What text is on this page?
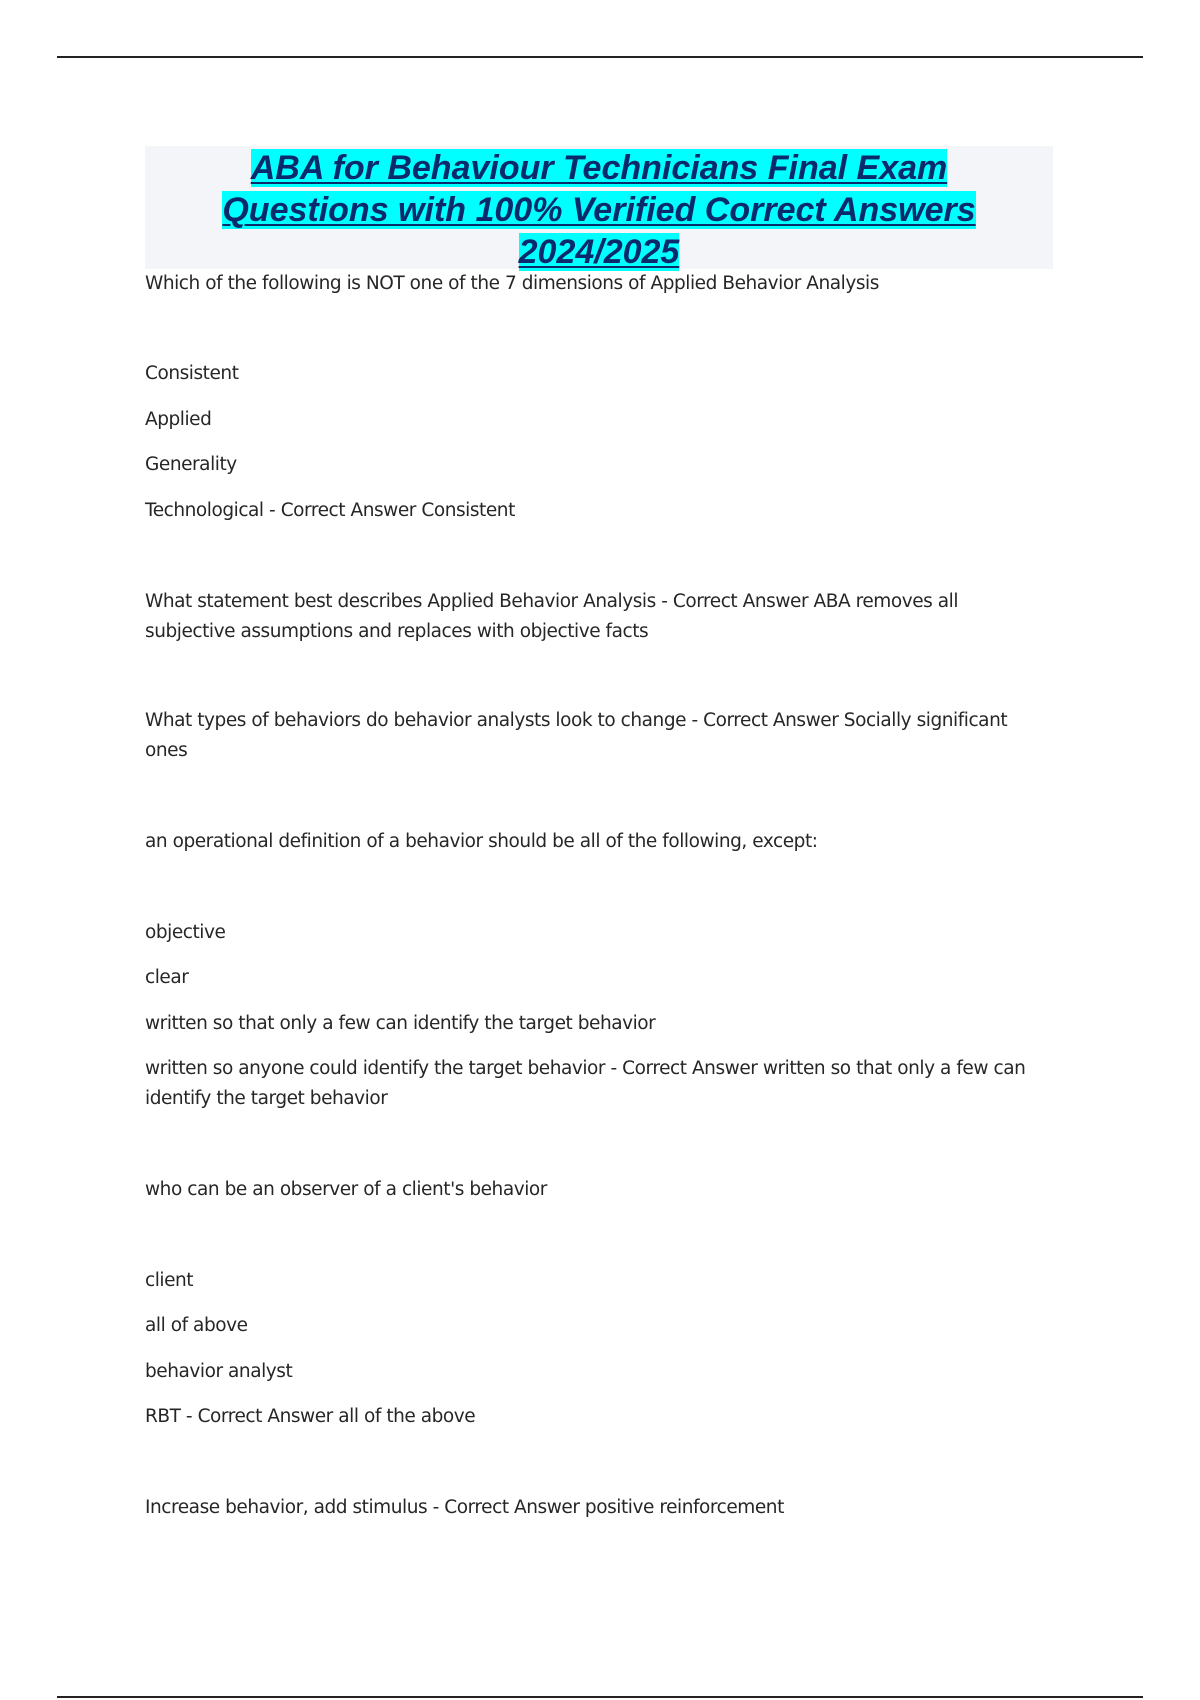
ABA for Behaviour Technicians Final Exam
Questions with 100% Verified Correct Answers
2024/2025

Which of the following is NOT one of the 7 dimensions of Applied Behavior Analysis

Consistent

Applied

Generality

Technological - Correct Answer Consistent

What statement best describes Applied Behavior Analysis - Correct Answer ABA removes all subjective assumptions and replaces with objective facts

What types of behaviors do behavior analysts look to change - Correct Answer Socially significant ones

an operational definition of a behavior should be all of the following, except:

objective

clear

written so that only a few can identify the target behavior

written so anyone could identify the target behavior - Correct Answer written so that only a few can identify the target behavior

who can be an observer of a client's behavior

client

all of above

behavior analyst

RBT - Correct Answer all of the above

Increase behavior, add stimulus - Correct Answer positive reinforcement
